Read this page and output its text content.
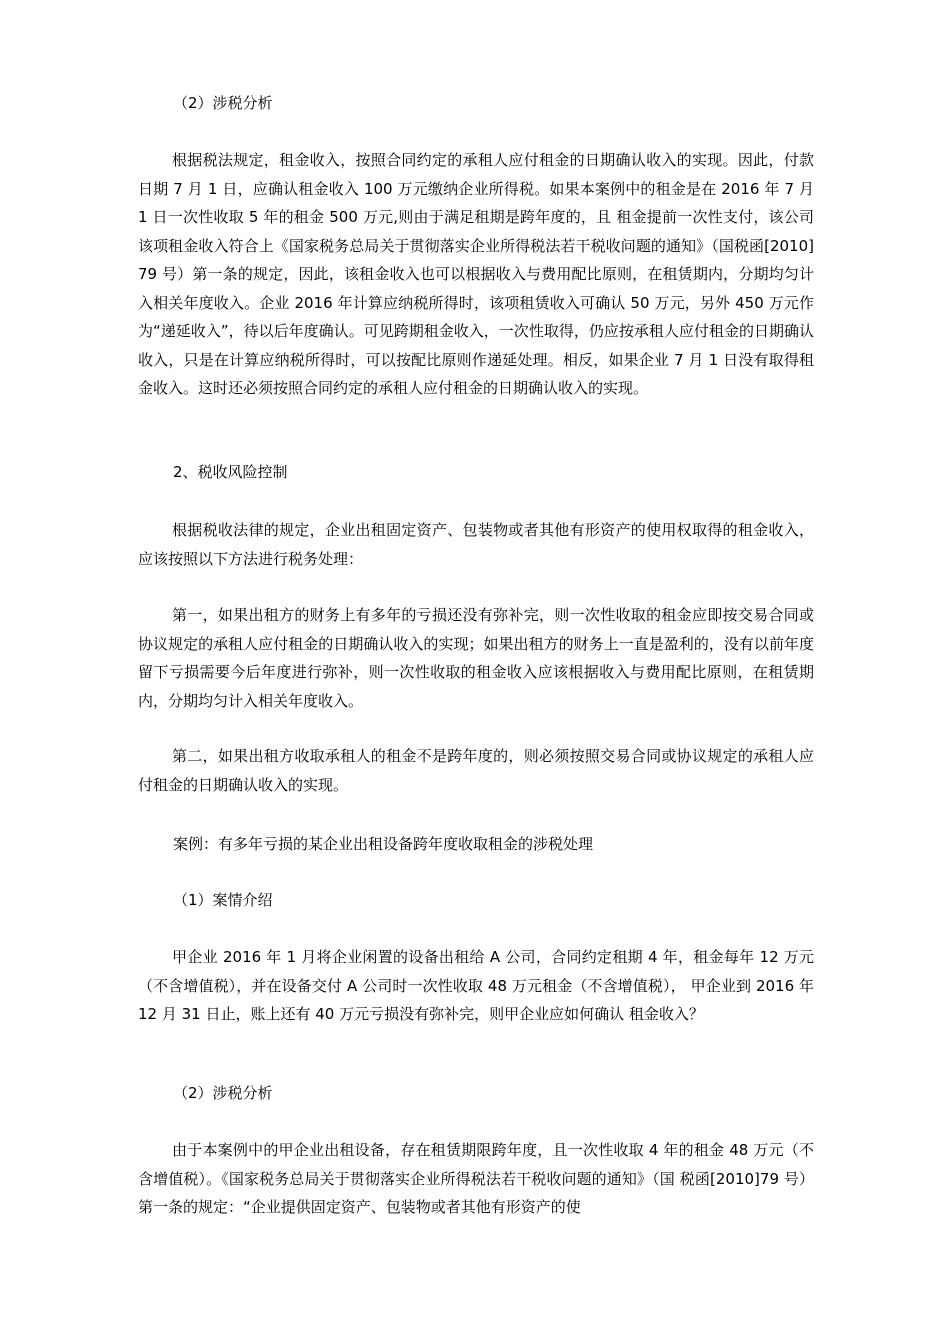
（2）涉税分析

根据税法规定，租金收入，按照合同约定的承租人应付租金的日期确认收入的实现。因此，付款日期 7 月 1 日，应确认租金收入 100 万元缴纳企业所得税。如果本案例中的租金是在 2016 年 7 月 1 日一次性收取 5 年的租金 500 万元,则由于满足租期是跨年度的，且 租金提前一次性支付，该公司该项租金收入符合上《国家税务总局关于贯彻落实企业所得税法若干税收问题的通知》（国税函[2010]79 号）第一条的规定，因此，该租金收入也可以根据收入与费用配比原则，在租赁期内，分期均匀计入相关年度收入。企业 2016 年计算应纳税所得时，该项租赁收入可确认 50 万元，另外 450 万元作为“递延收入”，待以后年度确认。可见跨期租金收入，一次性取得，仍应按承租人应付租金的日期确认收入，只是在计算应纳税所得时，可以按配比原则作递延处理。相反，如果企业 7 月 1 日没有取得租金收入。这时还必须按照合同约定的承租人应付租金的日期确认收入的实现。

2、税收风险控制

根据税收法律的规定，企业出租固定资产、包装物或者其他有形资产的使用权取得的租金收入，应该按照以下方法进行税务处理：

第一，如果出租方的财务上有多年的亏损还没有弥补完，则一次性收取的租金应即按交易合同或协议规定的承租人应付租金的日期确认收入的实现；如果出租方的财务上一直是盈利的，没有以前年度留下亏损需要今后年度进行弥补，则一次性收取的租金收入应该根据收入与费用配比原则，在租赁期内，分期均匀计入相关年度收入。

第二，如果出租方收取承租人的租金不是跨年度的，则必须按照交易合同或协议规定的承租人应付租金的日期确认收入的实现。

案例：有多年亏损的某企业出租设备跨年度收取租金的涉税处理
（1）案情介绍

甲企业 2016 年 1 月将企业闲置的设备出租给 A 公司，合同约定租期 4 年，租金每年 12 万元（不含增值税），并在设备交付 A 公司时一次性收取 48 万元租金（不含增值税）， 甲企业到 2016 年 12 月 31 日止，账上还有 40 万元亏损没有弥补完，则甲企业应如何确认 租金收入？

（2）涉税分析

由于本案例中的甲企业出租设备，存在租赁期限跨年度，且一次性收取 4 年的租金 48 万元（不含增值税）。《国家税务总局关于贯彻落实企业所得税法若干税收问题的通知》（国 税函[2010]79 号）第一条的规定：“企业提供固定资产、包装物或者其他有形资产的使
